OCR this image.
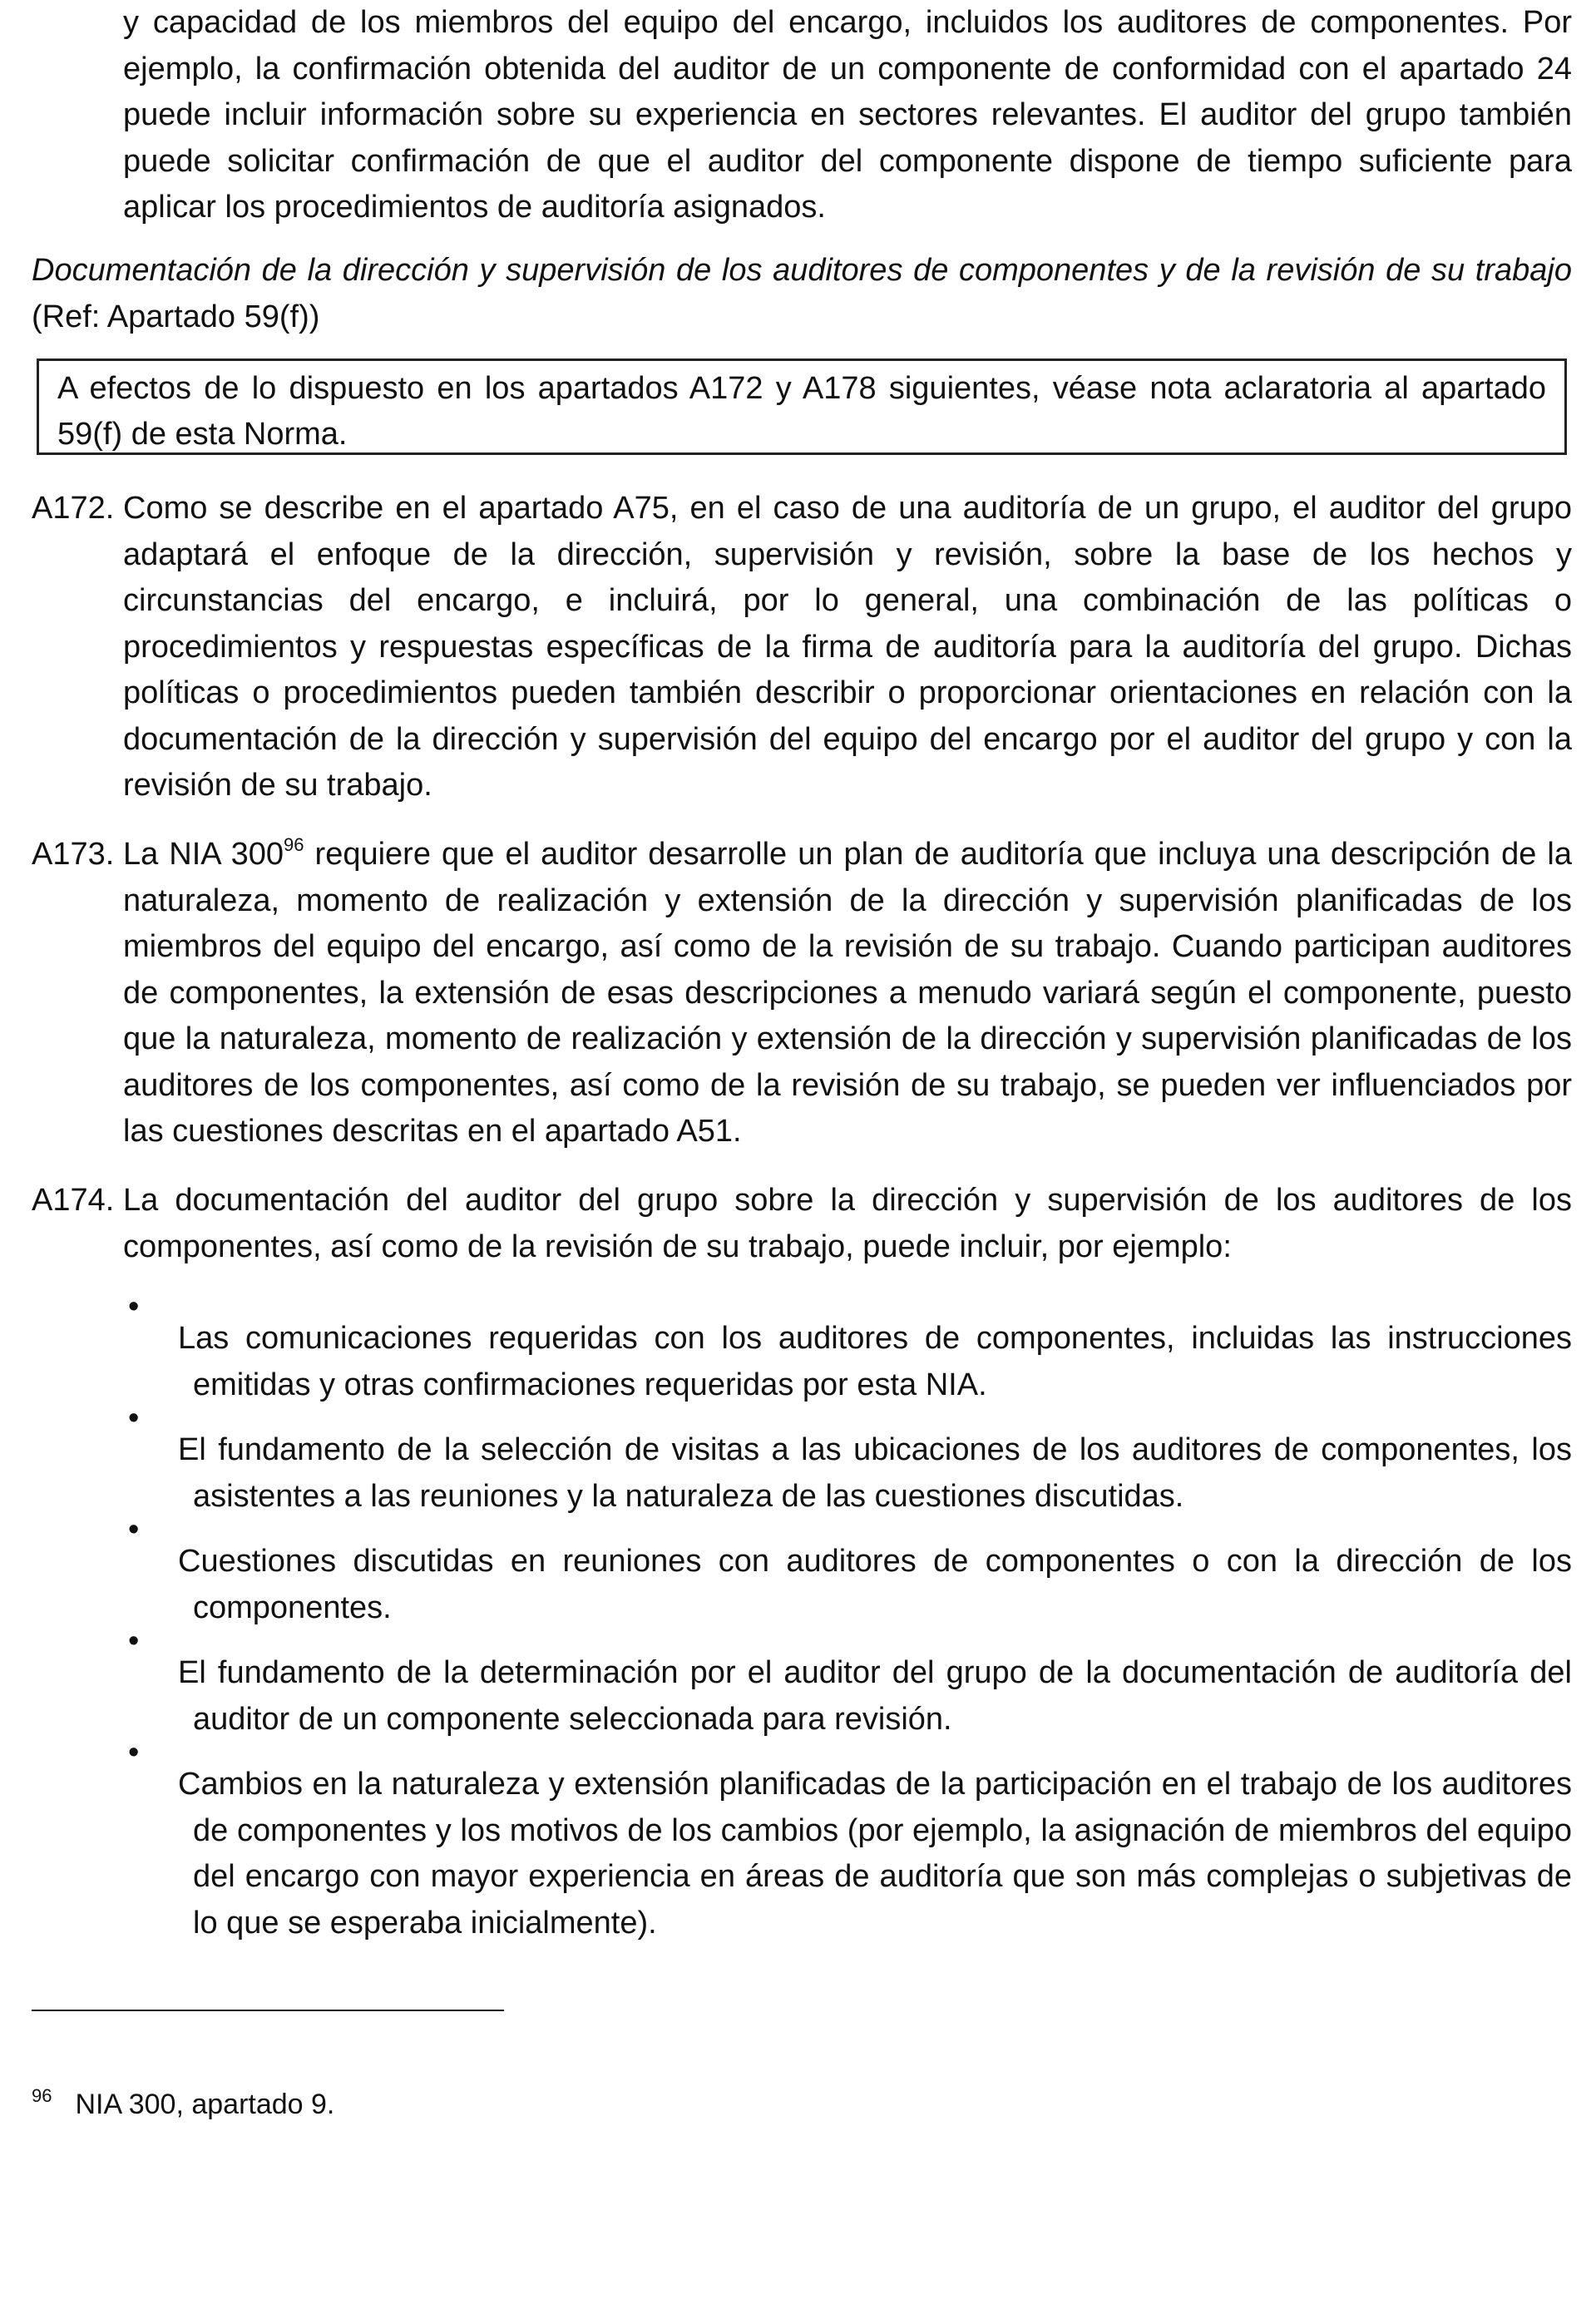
y capacidad de los miembros del equipo del encargo, incluidos los auditores de componentes. Por ejemplo, la confirmación obtenida del auditor de un componente de conformidad con el apartado 24 puede incluir información sobre su experiencia en sectores relevantes. El auditor del grupo también puede solicitar confirmación de que el auditor del componente dispone de tiempo suficiente para aplicar los procedimientos de auditoría asignados.

Documentación de la dirección y supervisión de los auditores de componentes y de la revisión de su trabajo (Ref: Apartado 59(f))

A efectos de lo dispuesto en los apartados A172 y A178 siguientes, véase nota aclaratoria al apartado 59(f) de esta Norma.

A172. Como se describe en el apartado A75, en el caso de una auditoría de un grupo, el auditor del grupo adaptará el enfoque de la dirección, supervisión y revisión, sobre la base de los hechos y circunstancias del encargo, e incluirá, por lo general, una combinación de las políticas o procedimientos y respuestas específicas de la firma de auditoría para la auditoría del grupo. Dichas políticas o procedimientos pueden también describir o proporcionar orientaciones en relación con la documentación de la dirección y supervisión del equipo del encargo por el auditor del grupo y con la revisión de su trabajo.

A173. La NIA 300$^{96}$ requiere que el auditor desarrolle un plan de auditoría que incluya una descripción de la naturaleza, momento de realización y extensión de la dirección y supervisión planificadas de los miembros del equipo del encargo, así como de la revisión de su trabajo. Cuando participan auditores de componentes, la extensión de esas descripciones a menudo variará según el componente, puesto que la naturaleza, momento de realización y extensión de la dirección y supervisión planificadas de los auditores de los componentes, así como de la revisión de su trabajo, se pueden ver influenciados por las cuestiones descritas en el apartado A51.

A174. La documentación del auditor del grupo sobre la dirección y supervisión de los auditores de los componentes, así como de la revisión de su trabajo, puede incluir, por ejemplo:

•

Las comunicaciones requeridas con los auditores de componentes, incluidas las instrucciones emitidas y otras confirmaciones requeridas por esta NIA.

•

El fundamento de la selección de visitas a las ubicaciones de los auditores de componentes, los asistentes a las reuniones y la naturaleza de las cuestiones discutidas.

•

Cuestiones discutidas en reuniones con auditores de componentes o con la dirección de los componentes.

•

El fundamento de la determinación por el auditor del grupo de la documentación de auditoría del auditor de un componente seleccionada para revisión.

•

Cambios en la naturaleza y extensión planificadas de la participación en el trabajo de los auditores de componentes y los motivos de los cambios (por ejemplo, la asignación de miembros del equipo del encargo con mayor experiencia en áreas de auditoría que son más complejas o subjetivas de lo que se esperaba inicialmente).

$^{96}$ NIA 300, apartado 9.
